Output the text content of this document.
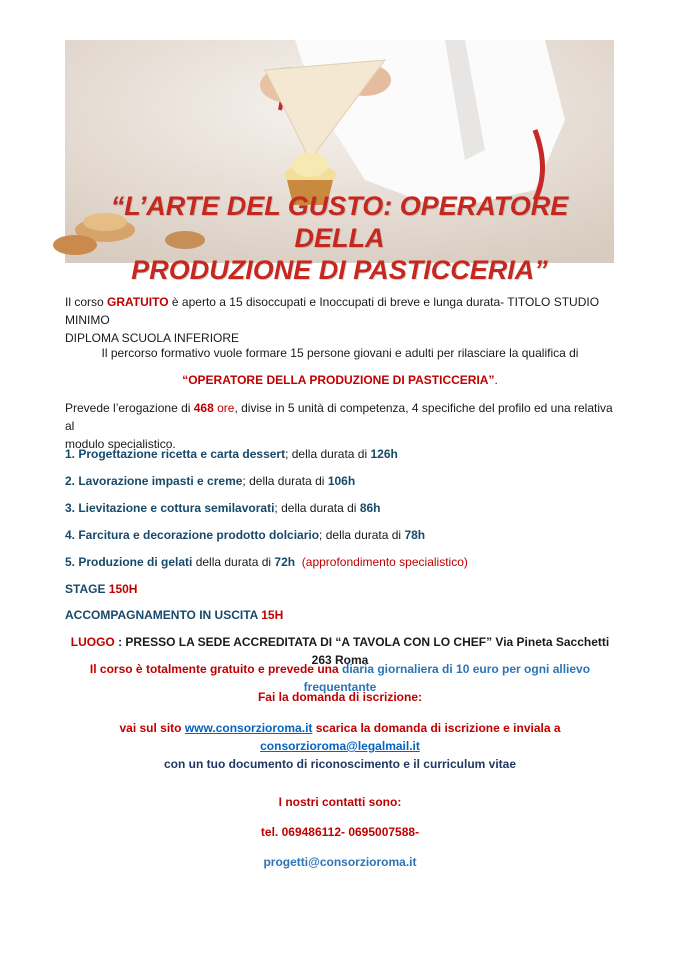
“L’ARTE DEL GUSTO: OPERATORE DELLA
PRODUZIONE DI PASTICCERIA”
Il corso GRATUITO è aperto a 15 disoccupati e Inoccupati di breve e lunga durata- TITOLO STUDIO MINIMO
DIPLOMA SCUOLA INFERIORE
Il percorso formativo vuole formare 15 persone giovani e adulti per rilasciare la qualifica di
“OPERATORE DELLA PRODUZIONE DI PASTICCERIA”.
Prevede l’erogazione di 468 ore, divise in 5 unità di competenza, 4 specifiche del profilo ed una relativa al
modulo specialistico.
1. Progettazione ricetta e carta dessert; della durata di 126h
2. Lavorazione impasti e creme; della durata di 106h
3. Lievitazione e cottura semilavorati; della durata di 86h
4. Farcitura e decorazione prodotto dolciario; della durata di 78h
5. Produzione di gelati della durata di 72h (approfondimento specialistico)
STAGE 150H
ACCOMPAGNAMENTO IN USCITA 15H
LUOGO : PRESSO LA SEDE ACCREDITATA DI “A TAVOLA CON LO CHEF” Via Pineta Sacchetti 263 Roma
Il corso è totalmente gratuito e prevede una diaria giornaliera di 10 euro per ogni allievo frequentante
Fai la domanda di iscrizione:
vai sul sito www.consorzioroma.it scarica la domanda di iscrizione e inviala a consorzioroma@legalmail.it
con un tuo documento di riconoscimento e il curriculum vitae
I nostri contatti sono:
tel. 069486112- 0695007588-
progetti@consorzioroma.it
